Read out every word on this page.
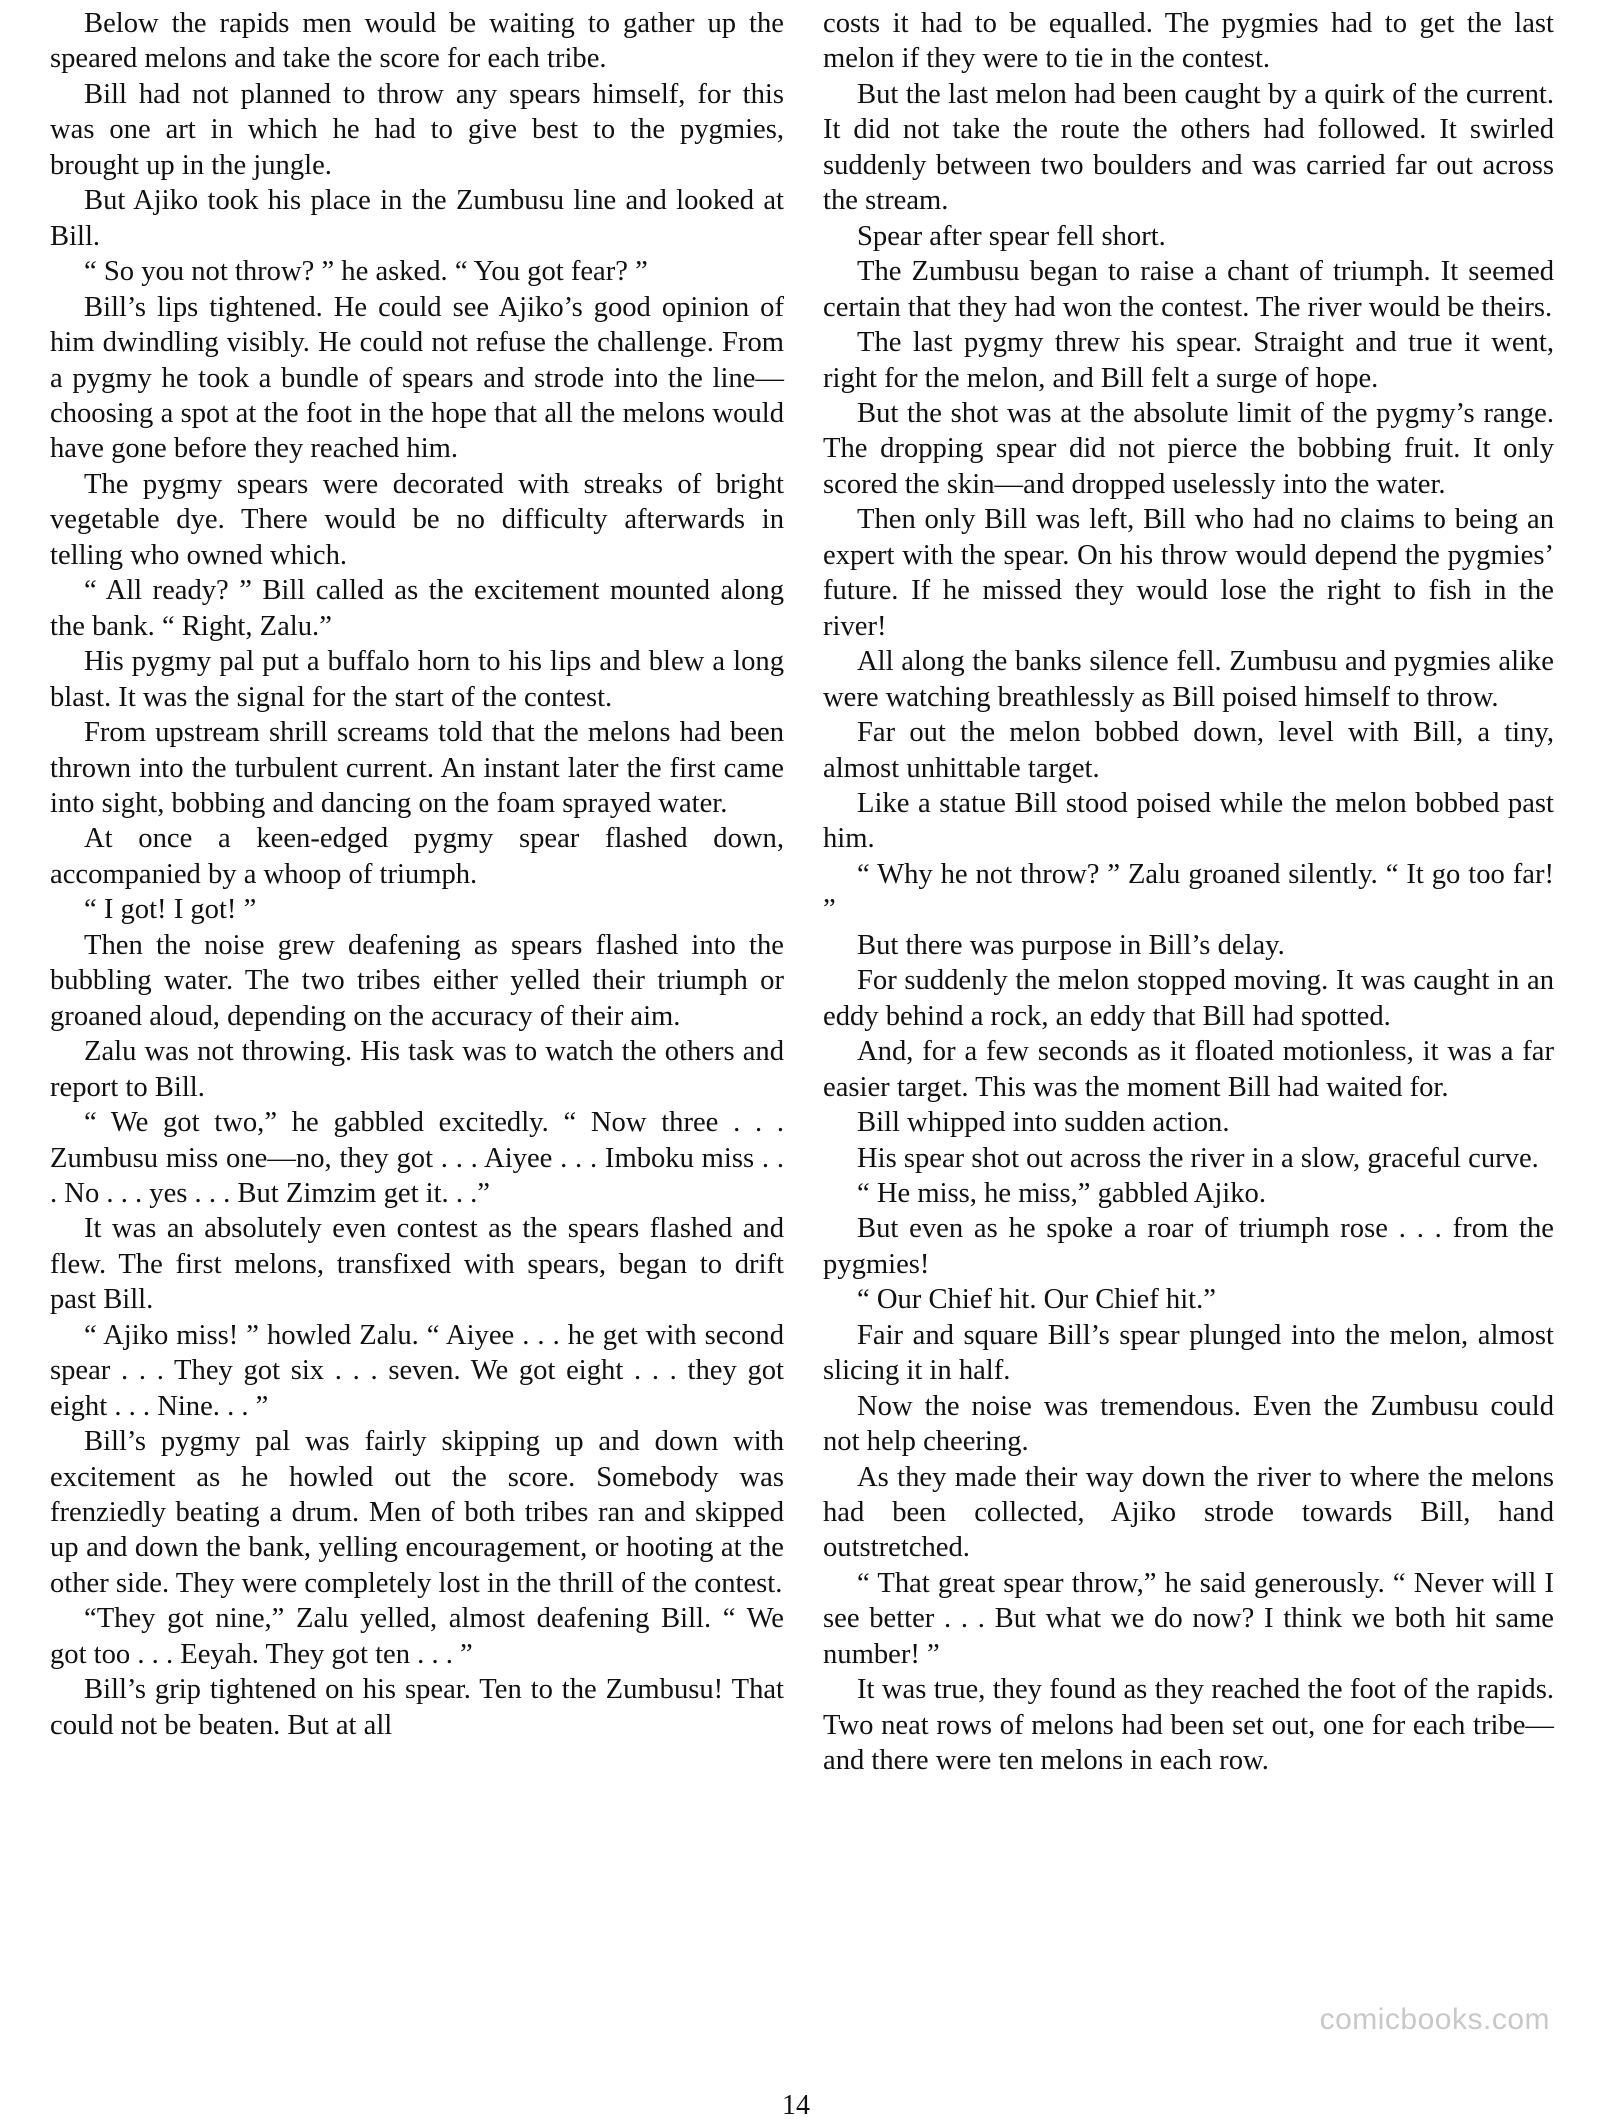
Below the rapids men would be waiting to gather up the speared melons and take the score for each tribe.

Bill had not planned to throw any spears himself, for this was one art in which he had to give best to the pygmies, brought up in the jungle.

But Ajiko took his place in the Zumbusu line and looked at Bill.

“ So you not throw? ” he asked. “ You got fear? ”

Bill’s lips tightened. He could see Ajiko’s good opinion of him dwindling visibly. He could not refuse the challenge. From a pygmy he took a bundle of spears and strode into the line—choosing a spot at the foot in the hope that all the melons would have gone before they reached him.

The pygmy spears were decorated with streaks of bright vegetable dye. There would be no difficulty afterwards in telling who owned which.

“ All ready? ” Bill called as the excitement mounted along the bank. “ Right, Zalu.”

His pygmy pal put a buffalo horn to his lips and blew a long blast. It was the signal for the start of the contest.

From upstream shrill screams told that the melons had been thrown into the turbulent current. An instant later the first came into sight, bobbing and dancing on the foam sprayed water.

At once a keen-edged pygmy spear flashed down, accompanied by a whoop of triumph.

“ I got! I got! ”

Then the noise grew deafening as spears flashed into the bubbling water. The two tribes either yelled their triumph or groaned aloud, depending on the accuracy of their aim.

Zalu was not throwing. His task was to watch the others and report to Bill.

“ We got two,” he gabbled excitedly. “ Now three . . . Zumbusu miss one—no, they got . . . Aiyee . . . Imboku miss . . . No . . . yes . . . But Zimzim get it. . .”

It was an absolutely even contest as the spears flashed and flew. The first melons, transfixed with spears, began to drift past Bill.

“ Ajiko miss! ” howled Zalu. “ Aiyee . . . he get with second spear . . . They got six . . . seven. We got eight . . . they got eight . . . Nine. . . ”

Bill’s pygmy pal was fairly skipping up and down with excitement as he howled out the score. Somebody was frenziedly beating a drum. Men of both tribes ran and skipped up and down the bank, yelling encouragement, or hooting at the other side. They were completely lost in the thrill of the contest.

“They got nine,” Zalu yelled, almost deafening Bill. “ We got too . . . Eeyah. They got ten . . . ”

Bill’s grip tightened on his spear. Ten to the Zumbusu! That could not be beaten. But at all

costs it had to be equalled. The pygmies had to get the last melon if they were to tie in the contest.

But the last melon had been caught by a quirk of the current. It did not take the route the others had followed. It swirled suddenly between two boulders and was carried far out across the stream.

Spear after spear fell short.

The Zumbusu began to raise a chant of triumph. It seemed certain that they had won the contest. The river would be theirs.

The last pygmy threw his spear. Straight and true it went, right for the melon, and Bill felt a surge of hope.

But the shot was at the absolute limit of the pygmy’s range. The dropping spear did not pierce the bobbing fruit. It only scored the skin—and dropped uselessly into the water.

Then only Bill was left, Bill who had no claims to being an expert with the spear. On his throw would depend the pygmies’ future. If he missed they would lose the right to fish in the river!

All along the banks silence fell. Zumbusu and pygmies alike were watching breathlessly as Bill poised himself to throw.

Far out the melon bobbed down, level with Bill, a tiny, almost unhittable target.

Like a statue Bill stood poised while the melon bobbed past him.

“ Why he not throw? ” Zalu groaned silently. “ It go too far! ”

But there was purpose in Bill’s delay.

For suddenly the melon stopped moving. It was caught in an eddy behind a rock, an eddy that Bill had spotted.

And, for a few seconds as it floated motionless, it was a far easier target. This was the moment Bill had waited for.

Bill whipped into sudden action.

His spear shot out across the river in a slow, graceful curve.

“ He miss, he miss,” gabbled Ajiko.

But even as he spoke a roar of triumph rose . . . from the pygmies!

“ Our Chief hit. Our Chief hit.”

Fair and square Bill’s spear plunged into the melon, almost slicing it in half.

Now the noise was tremendous. Even the Zumbusu could not help cheering.

As they made their way down the river to where the melons had been collected, Ajiko strode towards Bill, hand outstretched.

“ That great spear throw,” he said generously. “ Never will I see better . . . But what we do now? I think we both hit same number! ”

It was true, they found as they reached the foot of the rapids. Two neat rows of melons had been set out, one for each tribe—and there were ten melons in each row.

comicbooks.com
14
